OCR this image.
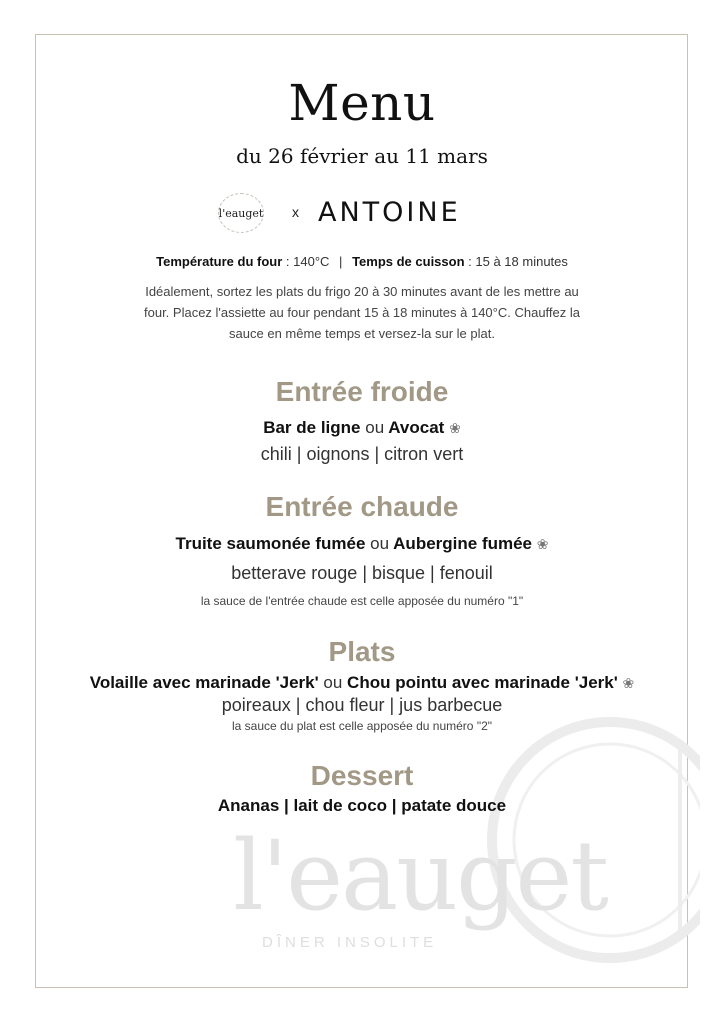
l'eauget
DÎNER INSOLITE
Menu
du 26 février au 11 mars
l'eauget x ANTOINE
Température du four : 140°C | Temps de cuisson : 15 à 18 minutes
Idéalement, sortez les plats du frigo 20 à 30 minutes avant de les mettre au
four. Placez l'assiette au four pendant 15 à 18 minutes à 140°C. Chauffez la
sauce en même temps et versez-la sur le plat.
Entrée froide
Bar de ligne ou Avocat ❀
chili | oignons | citron vert
Entrée chaude
Truite saumonée fumée ou Aubergine fumée ❀
betterave rouge | bisque | fenouil
la sauce de l'entrée chaude est celle apposée du numéro "1"
Plats
Volaille avec marinade 'Jerk' ou Chou pointu avec marinade 'Jerk' ❀
poireaux | chou fleur | jus barbecue
la sauce du plat est celle apposée du numéro "2"
Dessert
Ananas | lait de coco | patate douce
